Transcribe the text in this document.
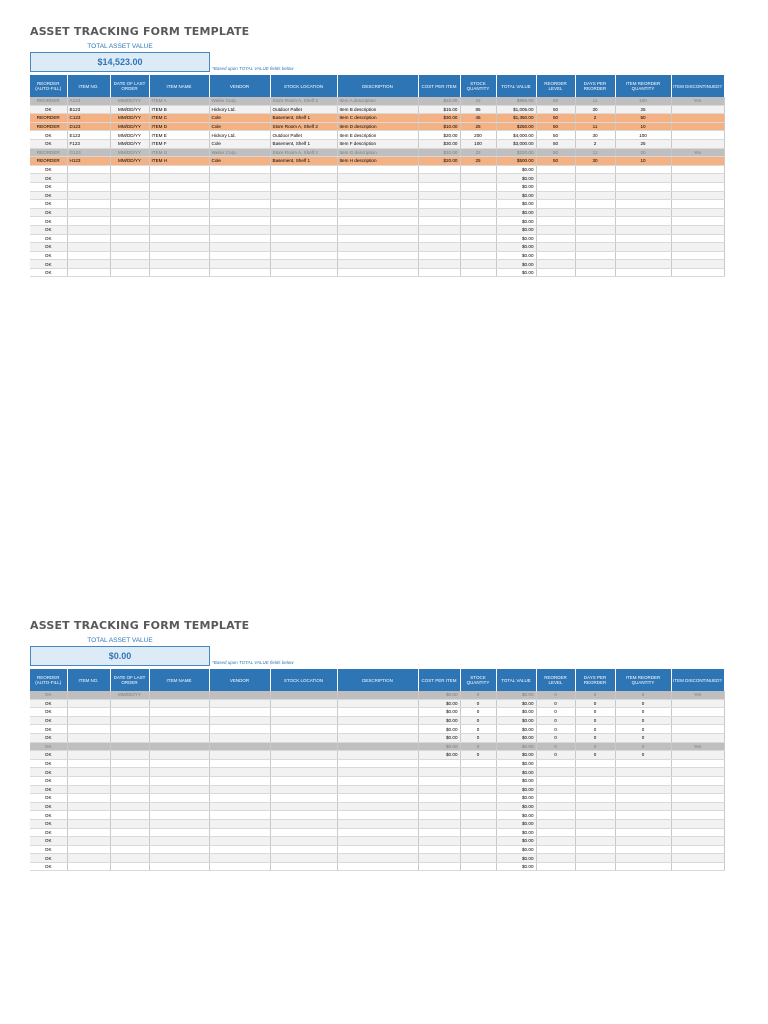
ASSET TRACKING FORM TEMPLATE
TOTAL ASSET VALUE
$14,523.00
*Based upon TOTAL VALUE fields below
REORDER (AUTO-FILL)	ITEM NO.	DATE OF LAST ORDER	ITEM NAME	VENDOR	STOCK LOCATION	DESCRIPTION	COST PER ITEM	STOCK QUANTITY	TOTAL VALUE	REORDER LEVEL	DAYS PER REORDER	ITEM REORDER QUANTITY	ITEM DISCONTINUED?
REORDER	A123	MM/DD/YY	ITEM A	Weiler Corp.	Store Room A, Shelf 2	Item A description	$22.00	22	$968.00	50	11	100	Yes
OK	B123	MM/DD/YY	ITEM B	Hickory Ltd.	Outdoor Pallet	Item B description	$15.00	85	$1,005.00	50	30	25	
REORDER	C123	MM/DD/YY	ITEM C	Cole	Basement, Shelf 1	Item C description	$30.00	45	$1,350.00	50	2	50	
REORDER	D123	MM/DD/YY	ITEM D	Cole	Store Room A, Shelf 2	Item D description	$10.00	25	$250.00	50	11	10	
OK	E123	MM/DD/YY	ITEM E	Hickory Ltd.	Outdoor Pallet	Item E description	$20.00	200	$4,000.00	50	30	100	
OK	F123	MM/DD/YY	ITEM F	Cole	Basement, Shelf 1	Item F description	$30.00	100	$3,000.00	50	2	25	
REORDER	G123	MM/DD/YY	ITEM G	Weiler Corp.	Store Room A, Shelf 2	Item G description	$10.00	22	$220.00	50	11	20	Yes
REORDER	H123	MM/DD/YY	ITEM H	Cole	Basement, Shelf 1	Item H description	$20.00	25	$500.00	50	30	10	
OK									$0.00				
OK									$0.00				
OK									$0.00				
OK									$0.00				
OK									$0.00				
OK									$0.00				
OK									$0.00				
OK									$0.00				
OK									$0.00				
OK									$0.00				
OK									$0.00				
OK									$0.00				
OK									$0.00				
ASSET TRACKING FORM TEMPLATE
TOTAL ASSET VALUE
$0.00
*Based upon TOTAL VALUE fields below
REORDER (AUTO-FILL)	ITEM NO.	DATE OF LAST ORDER	ITEM NAME	VENDOR	STOCK LOCATION	DESCRIPTION	COST PER ITEM	STOCK QUANTITY	TOTAL VALUE	REORDER LEVEL	DAYS PER REORDER	ITEM REORDER QUANTITY	ITEM DISCONTINUED?
OK		MM/DD/YY					$0.00	0	$0.00	0	0	0	Yes
OK							$0.00	0	$0.00	0	0	0	
OK							$0.00	0	$0.00	0	0	0	
OK							$0.00	0	$0.00	0	0	0	
OK							$0.00	0	$0.00	0	0	0	
OK							$0.00	0	$0.00	0	0	0	
OK							$0.00	0	$0.00	0	0	0	Yes
OK							$0.00	0	$0.00	0	0	0	
OK									$0.00				
OK									$0.00				
OK									$0.00				
OK									$0.00				
OK									$0.00				
OK									$0.00				
OK									$0.00				
OK									$0.00				
OK									$0.00				
OK									$0.00				
OK									$0.00				
OK									$0.00				
OK									$0.00				
